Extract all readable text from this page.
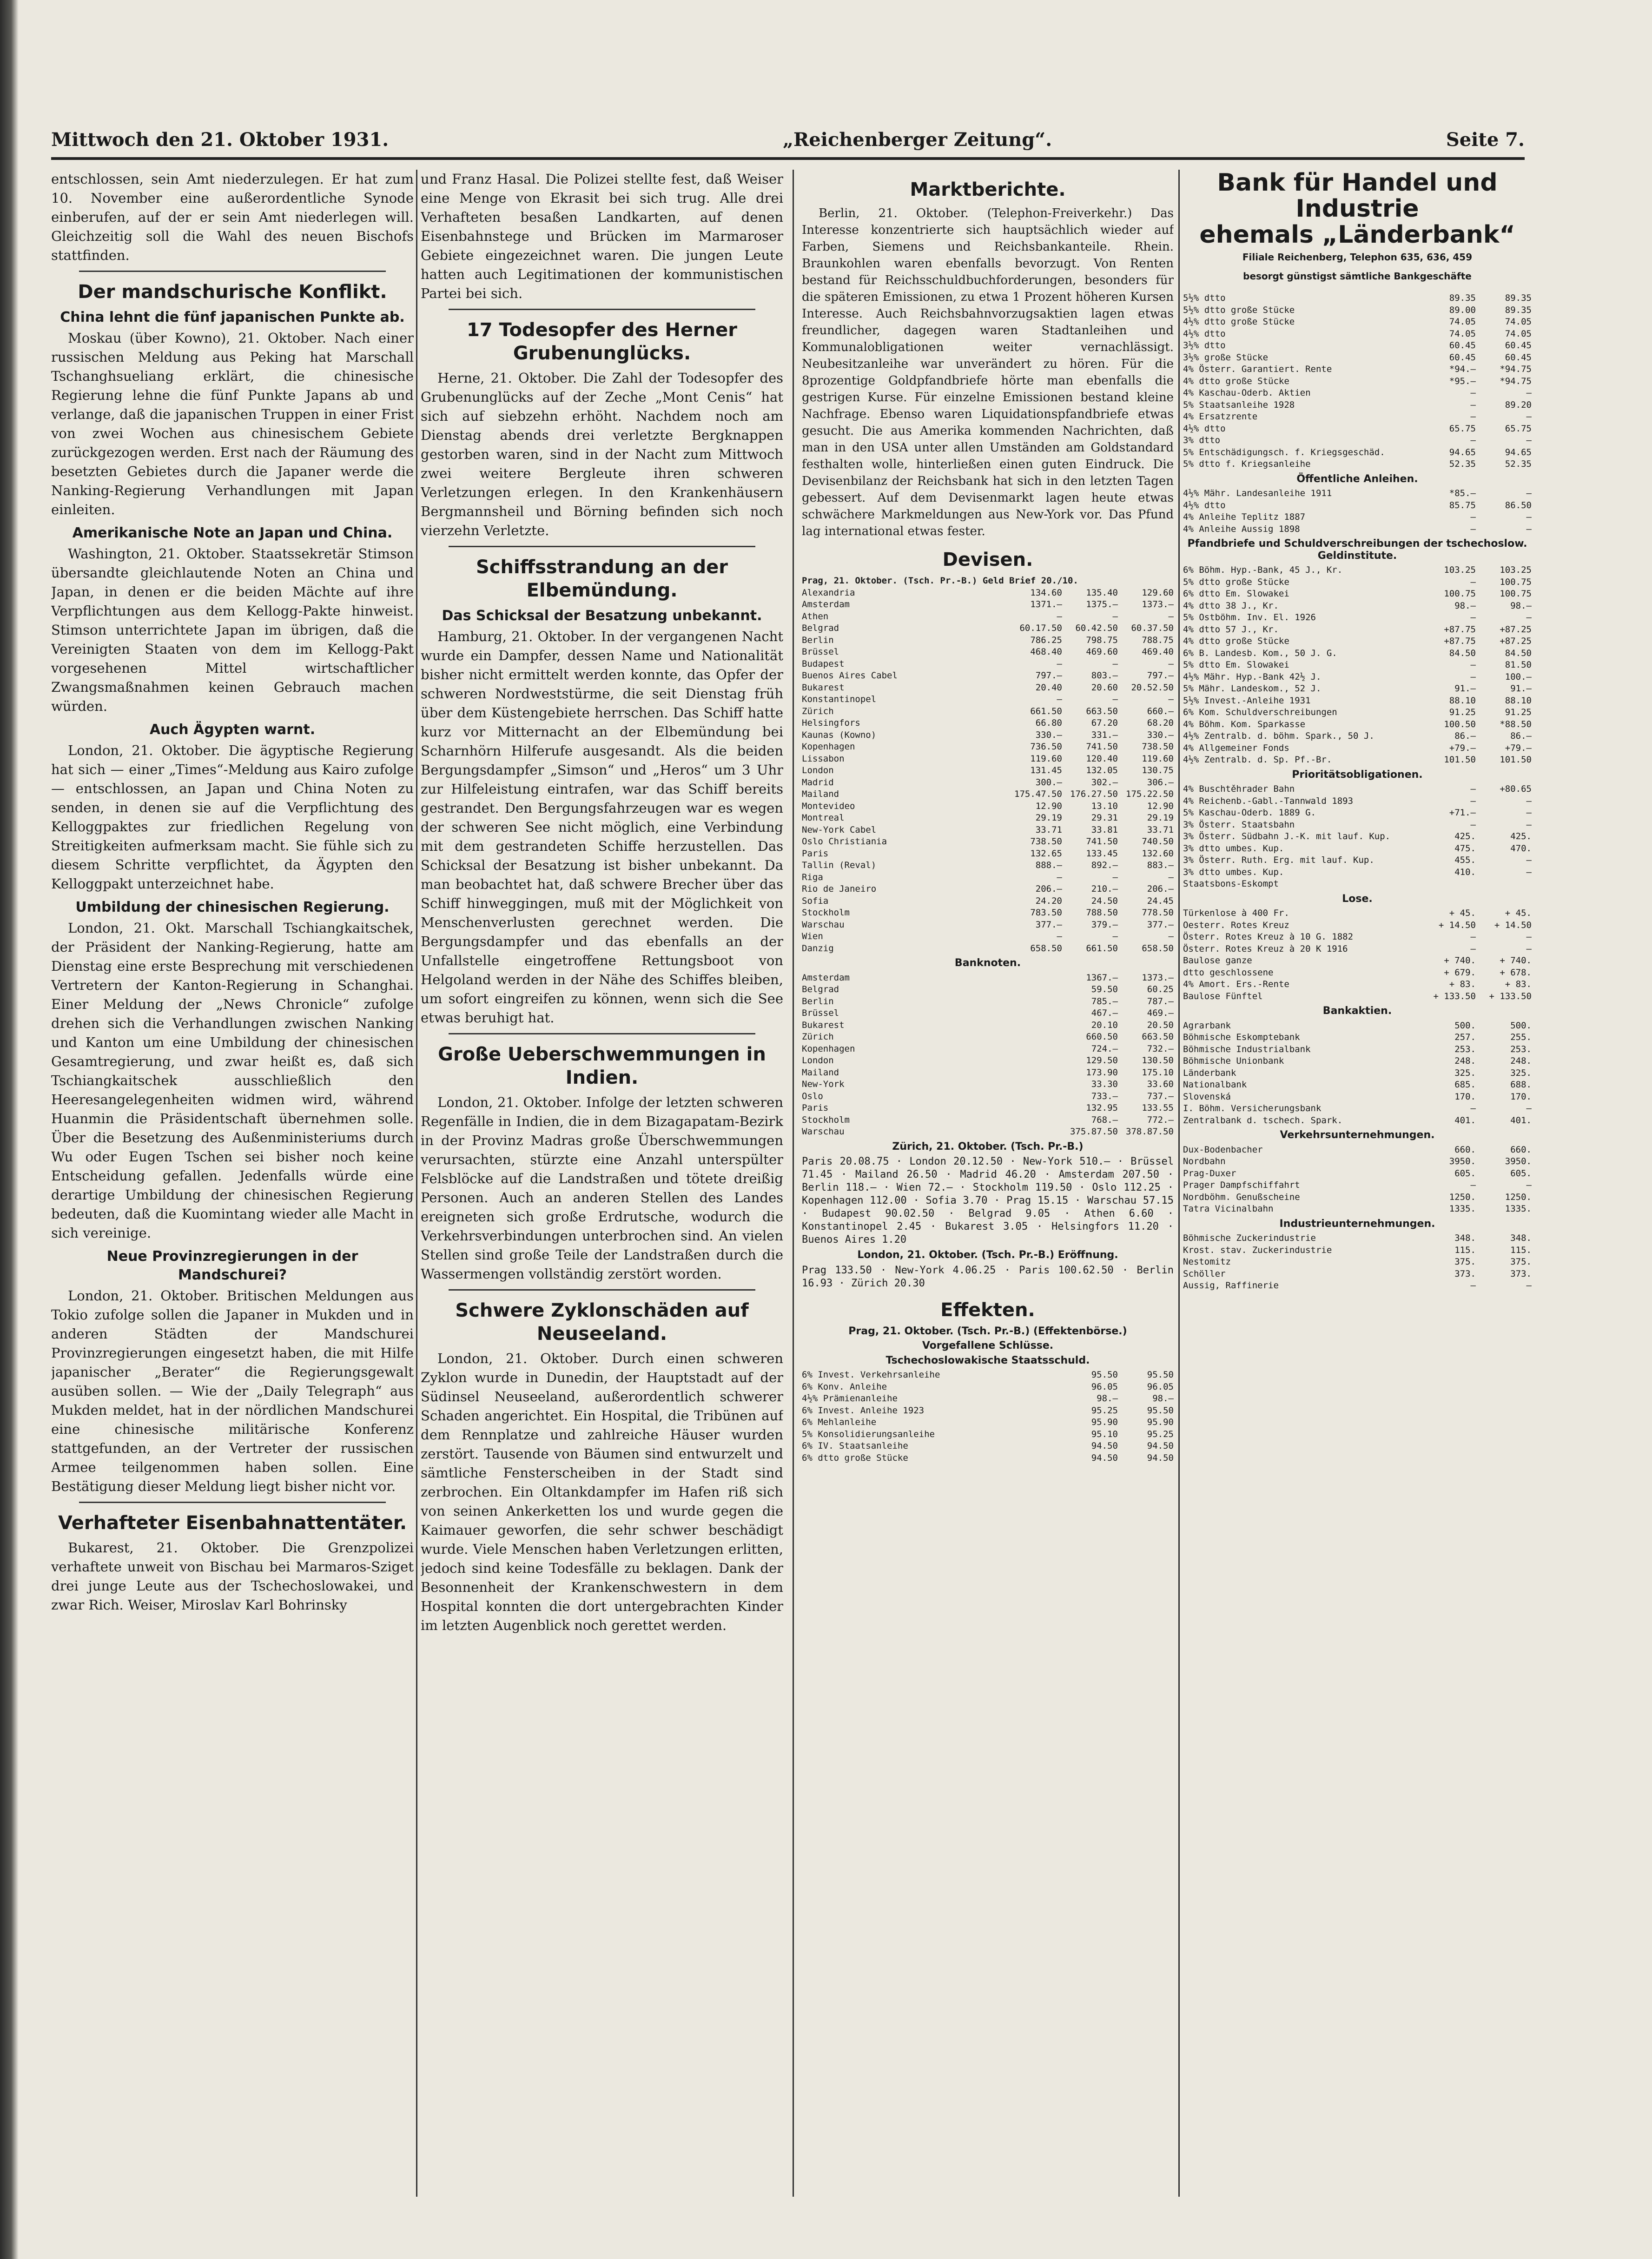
Mittwoch den 21. Oktober 1931.	„Reichenberger Zeitung“.	Seite 7.

entschlossen, sein Amt niederzulegen. Er hat zum 10. November eine außerordentliche Synode einberufen, auf der er sein Amt niederlegen will. Gleichzeitig soll die Wahl des neuen Bischofs stattfinden.

Der mandschurische Konflikt.
China lehnt die fünf japanischen Punkte ab.

Moskau (über Kowno), 21. Oktober. Nach einer russischen Meldung aus Peking hat Marschall Tschanghsueliang erklärt, die chinesische Regierung lehne die fünf Punkte Japans ab und verlange, daß die japanischen Truppen in einer Frist von zwei Wochen aus chinesischem Gebiete zurückgezogen werden. Erst nach der Räumung des besetzten Gebietes durch die Japaner werde die Nanking-Regierung Verhandlungen mit Japan einleiten.

Amerikanische Note an Japan und China.

Washington, 21. Oktober. Staatssekretär Stimson übersandte gleichlautende Noten an China und Japan, in denen er die beiden Mächte auf ihre Verpflichtungen aus dem Kellogg-Pakte hinweist. Stimson unterrichtete Japan im übrigen, daß die Vereinigten Staaten von dem im Kellogg-Pakt vorgesehenen Mittel wirtschaftlicher Zwangsmaßnahmen keinen Gebrauch machen würden.

Auch Ägypten warnt.

London, 21. Oktober. Die ägyptische Regierung hat sich — einer „Times“-Meldung aus Kairo zufolge — entschlossen, an Japan und China Noten zu senden, in denen sie auf die Verpflichtung des Kelloggpaktes zur friedlichen Regelung von Streitigkeiten aufmerksam macht. Sie fühle sich zu diesem Schritte verpflichtet, da Ägypten den Kelloggpakt unterzeichnet habe.

Umbildung der chinesischen Regierung.

London, 21. Okt. Marschall Tschiangkaitschek, der Präsident der Nanking-Regierung, hatte am Dienstag eine erste Besprechung mit verschiedenen Vertretern der Kanton-Regierung in Schanghai. Einer Meldung der „News Chronicle“ zufolge drehen sich die Verhandlungen zwischen Nanking und Kanton um eine Umbildung der chinesischen Gesamtregierung, und zwar heißt es, daß sich Tschiangkaitschek ausschließlich den Heeresangelegenheiten widmen wird, während Huanmin die Präsidentschaft übernehmen solle. Über die Besetzung des Außenministeriums durch Wu oder Eugen Tschen sei bisher noch keine Entscheidung gefallen. Jedenfalls würde eine derartige Umbildung der chinesischen Regierung bedeuten, daß die Kuomintang wieder alle Macht in sich vereinige.

Neue Provinzregierungen in der Mandschurei?

London, 21. Oktober. Britischen Meldungen aus Tokio zufolge sollen die Japaner in Mukden und in anderen Städten der Mandschurei Provinzregierungen eingesetzt haben, die mit Hilfe japanischer „Berater“ die Regierungsgewalt ausüben sollen. — Wie der „Daily Telegraph“ aus Mukden meldet, hat in der nördlichen Mandschurei eine chinesische militärische Konferenz stattgefunden, an der Vertreter der russischen Armee teilgenommen haben sollen. Eine Bestätigung dieser Meldung liegt bisher nicht vor.

Verhafteter Eisenbahnattentäter.

Bukarest, 21. Oktober. Die Grenzpolizei verhaftete unweit von Bischau bei Marmaros-Sziget drei junge Leute aus der Tschechoslowakei, und zwar Rich. Weiser, Miroslav Karl Bohrinsky

und Franz Hasal. Die Polizei stellte fest, daß Weiser eine Menge von Ekrasit bei sich trug. Alle drei Verhafteten besaßen Landkarten, auf denen Eisenbahnstege und Brücken im Marmaroser Gebiete eingezeichnet waren. Die jungen Leute hatten auch Legitimationen der kommunistischen Partei bei sich.

17 Todesopfer des Herner Grubenunglücks.

Herne, 21. Oktober. Die Zahl der Todesopfer des Grubenunglücks auf der Zeche „Mont Cenis“ hat sich auf siebzehn erhöht. Nachdem noch am Dienstag abends drei verletzte Bergknappen gestorben waren, sind in der Nacht zum Mittwoch zwei weitere Bergleute ihren schweren Verletzungen erlegen. In den Krankenhäusern Bergmannsheil und Börning befinden sich noch vierzehn Verletzte.

Schiffsstrandung an der Elbemündung.
Das Schicksal der Besatzung unbekannt.

Hamburg, 21. Oktober. In der vergangenen Nacht wurde ein Dampfer, dessen Name und Nationalität bisher nicht ermittelt werden konnte, das Opfer der schweren Nordweststürme, die seit Dienstag früh über dem Küstengebiete herrschen. Das Schiff hatte kurz vor Mitternacht an der Elbemündung bei Scharnhörn Hilferufe ausgesandt. Als die beiden Bergungsdampfer „Simson“ und „Heros“ um 3 Uhr zur Hilfeleistung eintrafen, war das Schiff bereits gestrandet. Den Bergungsfahrzeugen war es wegen der schweren See nicht möglich, eine Verbindung mit dem gestrandeten Schiffe herzustellen. Das Schicksal der Besatzung ist bisher unbekannt. Da man beobachtet hat, daß schwere Brecher über das Schiff hinweggingen, muß mit der Möglichkeit von Menschenverlusten gerechnet werden. Die Bergungsdampfer und das ebenfalls an der Unfallstelle eingetroffene Rettungsboot von Helgoland werden in der Nähe des Schiffes bleiben, um sofort eingreifen zu können, wenn sich die See etwas beruhigt hat.

Große Ueberschwemmungen in Indien.

London, 21. Oktober. Infolge der letzten schweren Regenfälle in Indien, die in dem Bizagapatam-Bezirk in der Provinz Madras große Überschwemmungen verursachten, stürzte eine Anzahl unterspülter Felsblöcke auf die Landstraßen und tötete dreißig Personen. Auch an anderen Stellen des Landes ereigneten sich große Erdrutsche, wodurch die Verkehrsverbindungen unterbrochen sind. An vielen Stellen sind große Teile der Landstraßen durch die Wassermengen vollständig zerstört worden.

Schwere Zyklonschäden auf Neuseeland.

London, 21. Oktober. Durch einen schweren Zyklon wurde in Dunedin, der Hauptstadt auf der Südinsel Neuseeland, außerordentlich schwerer Schaden angerichtet. Ein Hospital, die Tribünen auf dem Rennplatze und zahlreiche Häuser wurden zerstört. Tausende von Bäumen sind entwurzelt und sämtliche Fensterscheiben in der Stadt sind zerbrochen. Ein Oltankdampfer im Hafen riß sich von seinen Ankerketten los und wurde gegen die Kaimauer geworfen, die sehr schwer beschädigt wurde. Viele Menschen haben Verletzungen erlitten, jedoch sind keine Todesfälle zu beklagen. Dank der Besonnenheit der Krankenschwestern in dem Hospital konnten die dort untergebrachten Kinder im letzten Augenblick noch gerettet werden.

Marktberichte.

Berlin, 21. Oktober. (Telephon-Freiverkehr.) Das Interesse konzentrierte sich hauptsächlich wieder auf Farben, Siemens und Reichsbankanteile. Rhein. Braunkohlen waren ebenfalls bevorzugt. Von Renten bestand für Reichsschuldbuchforderungen, besonders für die späteren Emissionen, zu etwa 1 Prozent höheren Kursen Interesse. Auch Reichsbahnvorzugsaktien lagen etwas freundlicher, dagegen waren Stadtanleihen und Kommunalobligationen weiter vernachlässigt. Neubesitzanleihe war unverändert zu hören. Für die 8prozentige Goldpfandbriefe hörte man ebenfalls die gestrigen Kurse. Für einzelne Emissionen bestand kleine Nachfrage. Ebenso waren Liquidationspfandbriefe etwas gesucht. Die aus Amerika kommenden Nachrichten, daß man in den USA unter allen Umständen am Goldstandard festhalten wolle, hinterließen einen guten Eindruck. Die Devisenbilanz der Reichsbank hat sich in den letzten Tagen gebessert. Auf dem Devisenmarkt lagen heute etwas schwächere Markmeldungen aus New-York vor. Das Pfund lag international etwas fester.

Devisen.
Prag, 21. Oktober. (Tsch. Pr.-B.) Geld Brief 20./10.
Alexandria	134.60	135.40	129.60
Amsterdam	1371.—	1375.—	1373.—
Athen	—	—	—
Belgrad	60.17.50	60.42.50	60.37.50
Berlin	786.25	798.75	788.75
Brüssel	468.40	469.60	469.40
Budapest	—	—	—
Buenos Aires Cabel	797.—	803.—	797.—
Bukarest	20.40	20.60	20.52.50
Konstantinopel	—	—	—
Zürich	661.50	663.50	660.—
Helsingfors	66.80	67.20	68.20
Kaunas (Kowno)	330.—	331.—	330.—
Kopenhagen	736.50	741.50	738.50
Lissabon	119.60	120.40	119.60
London	131.45	132.05	130.75
Madrid	300.—	302.—	306.—
Mailand	175.47.50 176.27.50 175.22.50
Montevideo	12.90	13.10	12.90
Montreal	29.19	29.31	29.19
New-York Cabel	33.71	33.81	33.71
Oslo Christiania	738.50	741.50	740.50
Paris	132.65	133.45	132.60
Tallin (Reval)	888.—	892.—	883.—
Riga	—	—	—
Rio de Janeiro	206.—	210.—	206.—
Sofia	24.20	24.50	24.45
Stockholm	783.50	788.50	778.50
Warschau	377.—	379.—	377.—
Wien	—	—	—
Danzig	658.50	661.50	658.50
Banknoten.
Amsterdam	1367.—	1373.—
Belgrad	59.50	60.25
Berlin	785.—	787.—
Brüssel	467.—	469.—
Bukarest	20.10	20.50
Zürich	660.50	663.50
Kopenhagen	724.—	732.—
London	129.50	130.50
Mailand	173.90	175.10
New-York	33.30	33.60
Oslo	733.—	737.—
Paris	132.95	133.55
Stockholm	768.—	772.—
Warschau	375.87.50 378.87.50
Zürich, 21. Oktober. (Tsch. Pr.-B.)
Paris 20.08.75 · London 20.12.50 · New-York 510.— · Brüssel 71.45 · Mailand 26.50 · Madrid 46.20 · Amsterdam 207.50 · Berlin 118.— · Wien 72.— · Stockholm 119.50 · Oslo 112.25 · Kopenhagen 112.00 · Sofia 3.70 · Prag 15.15 · Warschau 57.15 · Budapest 90.02.50 · Belgrad 9.05 · Athen 6.60 · Konstantinopel 2.45 · Bukarest 3.05 · Helsingfors 11.20 · Buenos Aires 1.20
London, 21. Oktober. (Tsch. Pr.-B.) Eröffnung.
Prag 133.50 · New-York 4.06.25 · Paris 100.62.50 · Berlin 16.93 · Zürich 20.30
Effekten.
Prag, 21. Oktober. (Tsch. Pr.-B.) (Effektenbörse.)
Vorgefallene Schlüsse.
Tschechoslowakische Staatsschuld.
6% Invest. Verkehrsanleihe	95.50	95.50
6% Konv. Anleihe	96.05	96.05
4½% Prämienanleihe	98.—	98.—
6% Invest. Anleihe 1923	95.25	95.50
6% Mehlanleihe	95.90	95.90
5% Konsolidierungsanleihe	95.10	95.25
6% IV. Staatsanleihe	94.50	94.50
6% dtto große Stücke	94.50	94.50
Bank für Handel und Industrie
ehemals „Länderbank“
Filiale Reichenberg, Telephon 635, 636, 459
besorgt günstigst sämtliche Bankgeschäfte
5½% dtto	89.35	89.35
5½% dtto große Stücke	89.00	89.35
4½% dtto große Stücke	74.05	74.05
4½% dtto	74.05	74.05
3½% dtto	60.45	60.45
3½% große Stücke	60.45	60.45
4% Österr. Garantiert. Rente	*94.—	*94.75
4% dtto große Stücke	*95.—	*94.75
4% Kaschau-Oderb. Aktien	—	—
5% Staatsanleihe 1928	—	89.20
4% Ersatzrente	—	—
4½% dtto	65.75	65.75
3% dtto	—	—
5% Entschädigungsch. f. Kriegsgeschäd.	94.65	94.65
5% dtto f. Kriegsanleihe	52.35	52.35
Öffentliche Anleihen.
4½% Mähr. Landesanleihe 1911	*85.—	—
4½% dtto	85.75	86.50
4% Anleihe Teplitz 1887	—	—
4% Anleihe Aussig 1898	—	—
Pfandbriefe und Schuldverschreibungen der tschechoslow. Geldinstitute.
6% Böhm. Hyp.-Bank, 45 J., Kr.	103.25	103.25
5% dtto große Stücke	—	100.75
6% dtto Em. Slowakei	100.75	100.75
4% dtto 38 J., Kr.	98.—	98.—
5% Ostböhm. Inv. El. 1926	—	—
4% dtto 57 J., Kr.	+87.75	+87.25
4% dtto große Stücke	+87.75	+87.25
6% B. Landesb. Kom., 50 J. G.	84.50	84.50
5% dtto Em. Slowakei	—	81.50
4½% Mähr. Hyp.-Bank 42½ J.	—	100.—
5% Mähr. Landeskom., 52 J.	91.—	91.—
5½% Invest.-Anleihe 1931	88.10	88.10
6% Kom. Schuldverschreibungen	91.25	91.25
4% Böhm. Kom. Sparkasse	100.50	*88.50
4½% Zentralb. d. böhm. Spark., 50 J.	86.—	86.—
4% Allgemeiner Fonds	+79.—	+79.—
4½% Zentralb. d. Sp. Pf.-Br.	101.50	101.50
Prioritätsobligationen.
4% Buschtěhrader Bahn	—	+80.65
4% Reichenb.-Gabl.-Tannwald 1893	—	—
5% Kaschau-Oderb. 1889 G.	+71.—	—
3% Österr. Staatsbahn	—	—
3% Österr. Südbahn J.-K. mit lauf. Kup.	425.	425.
3% dtto umbes. Kup.	475.	470.
3% Österr. Ruth. Erg. mit lauf. Kup.	455.	—
3% dtto umbes. Kup.	410.	—
Staatsbons-Eskompt
Lose.
Türkenlose à 400 Fr.	+ 45.	+ 45.
Oesterr. Rotes Kreuz	+ 14.50	+ 14.50
Österr. Rotes Kreuz à 10 G. 1882	—	—
Österr. Rotes Kreuz à 20 K 1916	—	—
Baulose ganze	+ 740.	+ 740.
dtto geschlossene	+ 679.	+ 678.
4% Amort. Ers.-Rente	+ 83.	+ 83.
Baulose Fünftel	+ 133.50	+ 133.50
Bankaktien.
Agrarbank	500.	500.
Böhmische Eskomptebank	257.	255.
Böhmische Industrialbank	253.	253.
Böhmische Unionbank	248.	248.
Länderbank	325.	325.
Nationalbank	685.	688.
Slovenská	170.	170.
I. Böhm. Versicherungsbank	—	—
Zentralbank d. tschech. Spark.	401.	401.
Verkehrsunternehmungen.
Dux-Bodenbacher	660.	660.
Nordbahn	3950.	3950.
Prag-Duxer	605.	605.
Prager Dampfschiffahrt	—	—
Nordböhm. Genußscheine	1250.	1250.
Tatra Vicinalbahn	1335.	1335.
Industrieunternehmungen.
Böhmische Zuckerindustrie	348.	348.
Krost. stav. Zuckerindustrie	115.	115.
Nestomitz	375.	375.
Schöller	373.	373.
Aussig, Raffinerie	—	—
